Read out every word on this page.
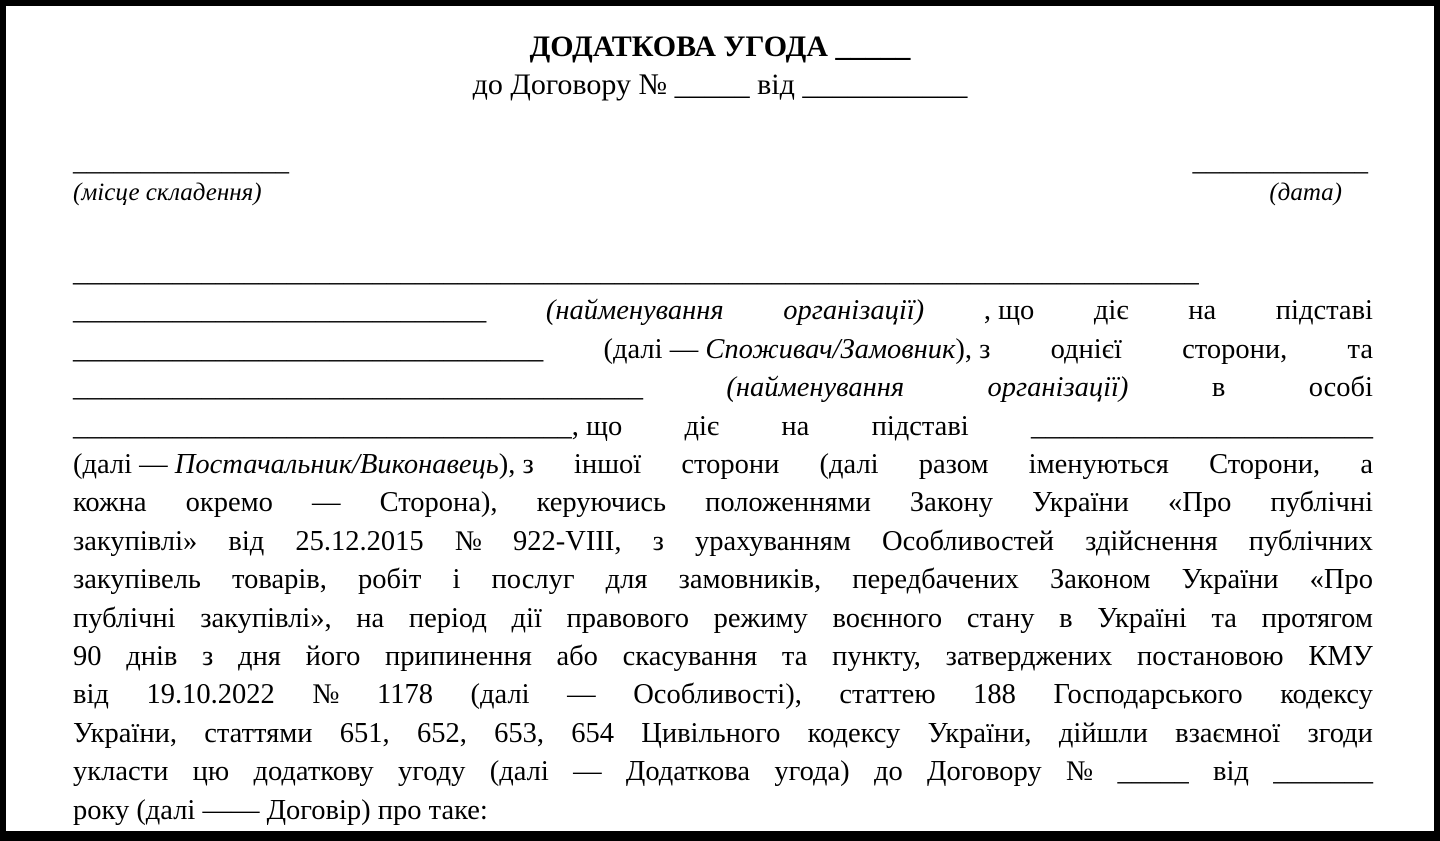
ДОДАТКОВА УГОДА _____
до Договору № _____ від ___________
________________
(місце складення)
_____________
(дата)
_______________________________________________________________________________
_____________________________ (найменування організації) , що діє на підставі
_________________________________ (далі — Споживач/Замовник), з однієї сторони, та
________________________________________	(найменування	організації)	в	особі
___________________________________, що діє на підставі ________________________
(далі — Постачальник/Виконавець), з іншої сторони (далі разом іменуються Сторони, а
кожна окремо — Сторона), керуючись положеннями Закону України «Про публічні
закупівлі» від 25.12.2015 № 922-VIII, з урахуванням Особливостей здійснення публічних
закупівель товарів, робіт і послуг для замовників, передбачених Законом України «Про
публічні закупівлі», на період дії правового режиму воєнного стану в Україні та протягом
90 днів з дня його припинення або скасування та пункту, затверджених постановою КМУ
від 19.10.2022 № 1178 (далі — Особливості), статтею 188 Господарського кодексу
України, статтями 651, 652, 653, 654 Цивільного кодексу України, дійшли взаємної згоди
укласти цю додаткову угоду (далі — Додаткова угода) до Договору № _____ від _______
року (далі —— Договір) про таке:
